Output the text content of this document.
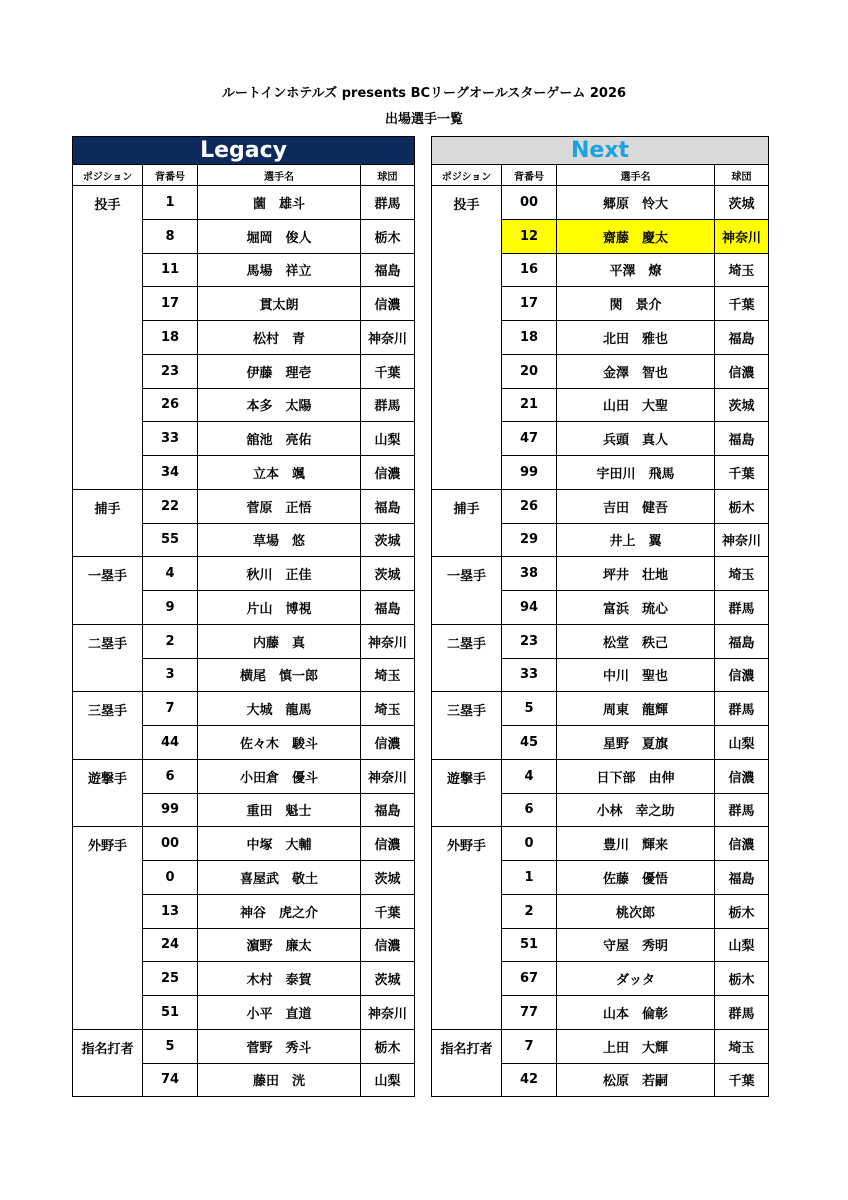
ルートインホテルズ presents BCリーグオールスターゲーム 2026
出場選手一覧
Legacy			
ポジション	背番号	選手名	球団
投手	1	薗　雄斗	群馬
	8	堀岡　俊人	栃木
	11	馬場　祥立	福島
	17	貫太朗	信濃
	18	松村　青	神奈川
	23	伊藤　理壱	千葉
	26	本多　太陽	群馬
	33	舘池　亮佑	山梨
	34	立本　颯	信濃
捕手	22	菅原　正悟	福島
	55	草場　悠	茨城
一塁手	4	秋川　正佳	茨城
	9	片山　博視	福島
二塁手	2	内藤　真	神奈川
	3	横尾　慎一郎	埼玉
三塁手	7	大城　龍馬	埼玉
	44	佐々木　駿斗	信濃
遊撃手	6	小田倉　優斗	神奈川
	99	重田　魁士	福島
外野手	00	中塚　大輔	信濃
	0	喜屋武　敬土	茨城
	13	神谷　虎之介	千葉
	24	濵野　廉太	信濃
	25	木村　泰賀	茨城
	51	小平　直道	神奈川
指名打者	5	菅野　秀斗	栃木
	74	藤田　洸	山梨
Next			
ポジション	背番号	選手名	球団
投手	00	郷原　怜大	茨城
	12	齋藤　慶太	神奈川
	16	平澤　燎	埼玉
	17	関　景介	千葉
	18	北田　雅也	福島
	20	金澤　智也	信濃
	21	山田　大聖	茨城
	47	兵頭　真人	福島
	99	宇田川　飛馬	千葉
捕手	26	吉田　健吾	栃木
	29	井上　翼	神奈川
一塁手	38	坪井　壮地	埼玉
	94	富浜　琉心	群馬
二塁手	23	松堂　秩己	福島
	33	中川　聖也	信濃
三塁手	5	周東　龍輝	群馬
	45	星野　夏旗	山梨
遊撃手	4	日下部　由伸	信濃
	6	小林　幸之助	群馬
外野手	0	豊川　輝来	信濃
	1	佐藤　優悟	福島
	2	桃次郎	栃木
	51	守屋　秀明	山梨
	67	ダッタ	栃木
	77	山本　倫彰	群馬
指名打者	7	上田　大輝	埼玉
	42	松原　若嗣	千葉
